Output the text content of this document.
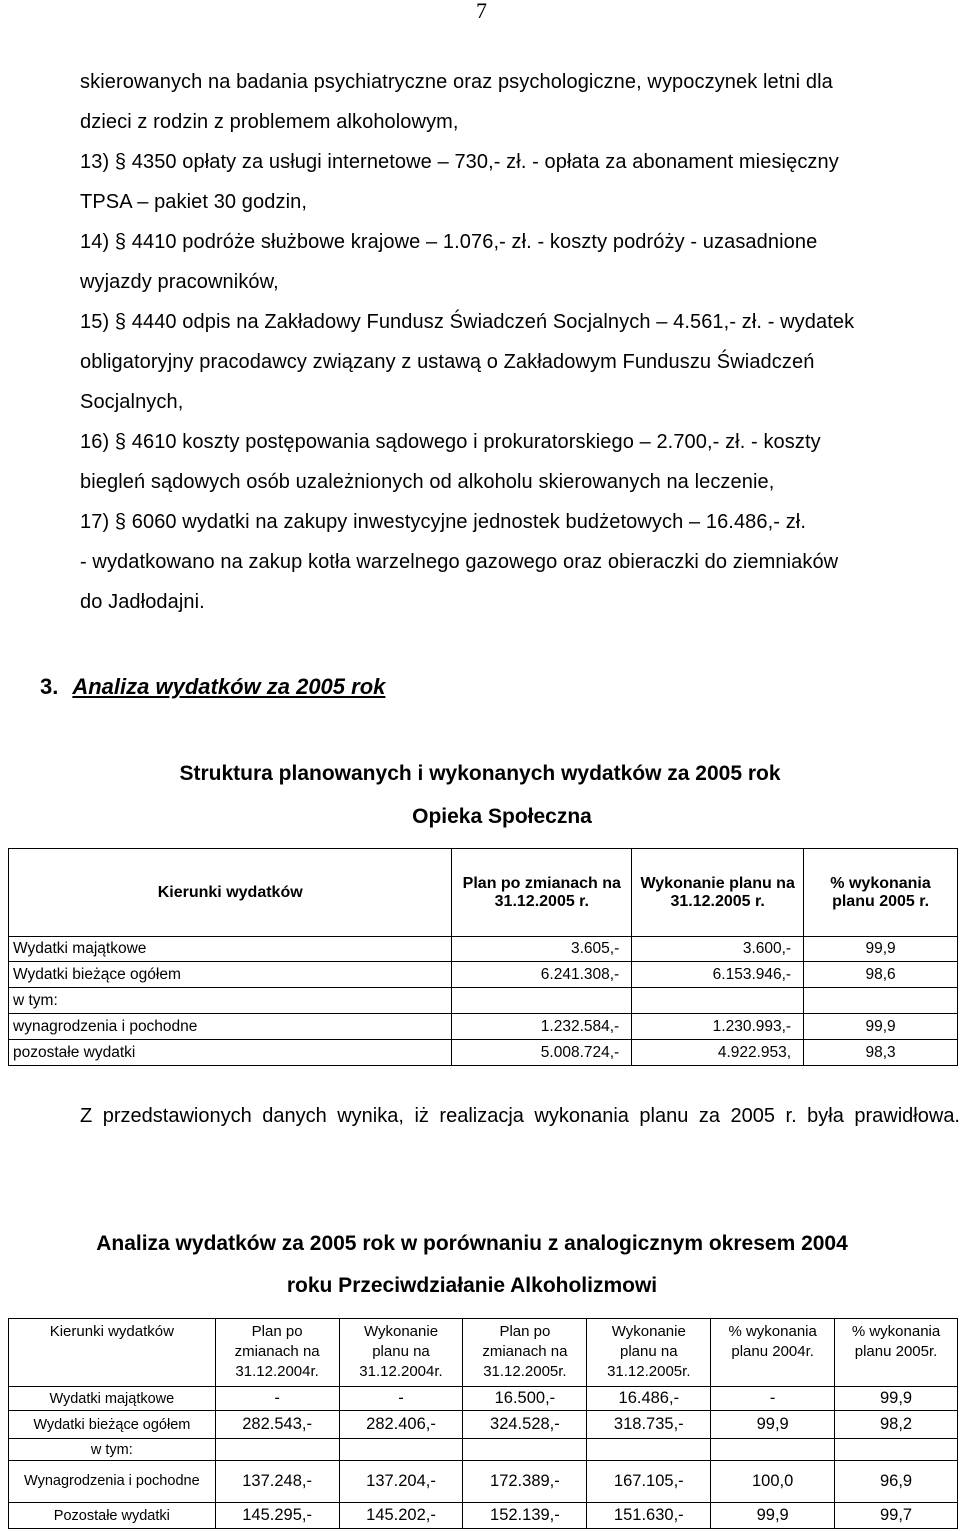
7
skierowanych na badania psychiatryczne oraz psychologiczne, wypoczynek letni dla
dzieci z rodzin z problemem alkoholowym,
13) § 4350 opłaty za usługi internetowe – 730,- zł. - opłata za abonament miesięczny
TPSA – pakiet 30 godzin,
14) § 4410 podróże służbowe krajowe – 1.076,- zł. - koszty podróży - uzasadnione
wyjazdy pracowników,
15) § 4440 odpis na Zakładowy Fundusz Świadczeń Socjalnych – 4.561,- zł. - wydatek
obligatoryjny pracodawcy związany z ustawą o Zakładowym Funduszu Świadczeń
Socjalnych,
16) § 4610 koszty postępowania sądowego i prokuratorskiego – 2.700,- zł. - koszty
biegleń sądowych osób uzależnionych od alkoholu skierowanych na leczenie,
17) § 6060 wydatki na zakupy inwestycyjne jednostek budżetowych – 16.486,- zł.
- wydatkowano na zakup kotła warzelnego gazowego oraz obieraczki do ziemniaków
do Jadłodajni.
3. Analiza wydatków za 2005 rok
Struktura planowanych i wykonanych wydatków za 2005 rok
Opieka Społeczna
Kierunki wydatków	Plan po zmianach na 31.12.2005 r.	Wykonanie planu na 31.12.2005 r.	% wykonania planu 2005 r.
Wydatki majątkowe	3.605,-	3.600,-	99,9
Wydatki bieżące ogółem	6.241.308,-	6.153.946,-	98,6
w tym:			
wynagrodzenia i pochodne	1.232.584,-	1.230.993,-	99,9
pozostałe wydatki	5.008.724,-	4.922.953,	98,3
Z przedstawionych danych wynika, iż realizacja wykonania planu za 2005 r. była prawidłowa.
Analiza wydatków za 2005 rok w porównaniu z analogicznym okresem 2004
roku Przeciwdziałanie Alkoholizmowi
Kierunki wydatków	Plan po zmianach na 31.12.2004r.	Wykonanie planu na 31.12.2004r.	Plan po zmianach na 31.12.2005r.	Wykonanie planu na 31.12.2005r.	% wykonania planu 2004r.	% wykonania planu 2005r.
Wydatki majątkowe	-	-	16.500,-	16.486,-	-	99,9
Wydatki bieżące ogółem	282.543,-	282.406,-	324.528,-	318.735,-	99,9	98,2
w tym:						
Wynagrodzenia i pochodne	137.248,-	137.204,-	172.389,-	167.105,-	100,0	96,9
Pozostałe wydatki	145.295,-	145.202,-	152.139,-	151.630,-	99,9	99,7
